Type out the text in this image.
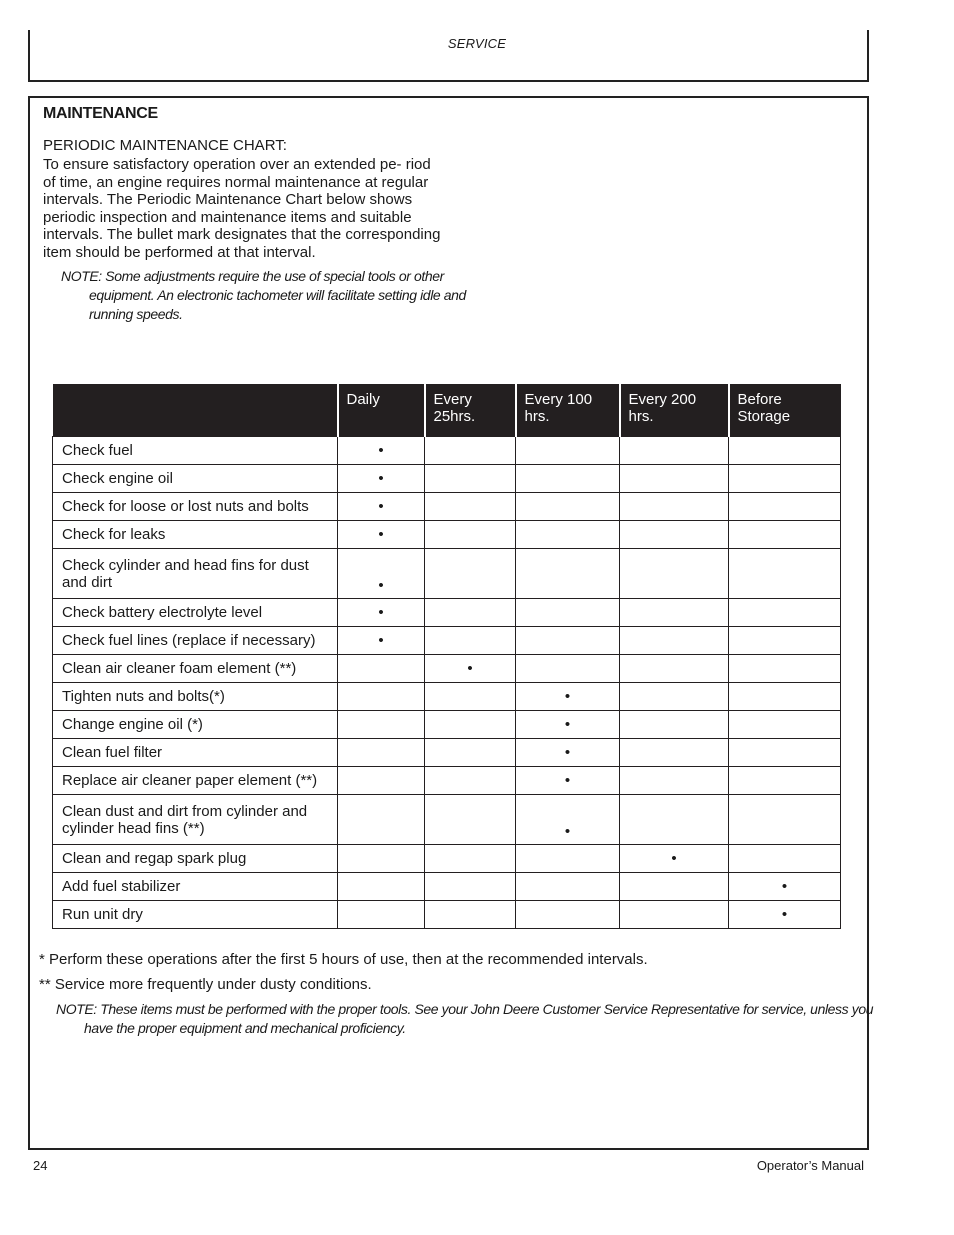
SERVICE
MAINTENANCE
PERIODIC MAINTENANCE CHART:
To ensure satisfactory operation over an extended pe- riod of time, an engine requires normal maintenance at regular intervals. The Periodic Maintenance Chart below shows periodic inspection and maintenance items and suitable intervals. The bullet mark designates that the corresponding item should be performed at that interval.
NOTE: Some adjustments require the use of special tools or other equipment. An electronic tachometer will facilitate setting idle and running speeds.
	Daily	Every 25hrs.	Every 100 hrs.	Every 200 hrs.	Before Storage
Check fuel	•				
Check engine oil	•				
Check for loose or lost nuts and bolts	•				
Check for leaks	•				
Check cylinder and head fins for dust and dirt	•				
Check battery electrolyte level	•				
Check fuel lines (replace if necessary)	•				
Clean air cleaner foam element (**)		•			
Tighten nuts and bolts(*)			•		
Change engine oil (*)			•		
Clean fuel filter			•		
Replace air cleaner paper element (**)			•		
Clean dust and dirt from cylinder and cylinder head fins (**)			•		
Clean and regap spark plug				•	
Add fuel stabilizer					•
Run unit dry					•
* Perform these operations after the first 5 hours of use, then at the recommended intervals.
** Service more frequently under dusty conditions.
NOTE: These items must be performed with the proper tools. See your John Deere Customer Service Representative for service, unless you have the proper equipment and mechanical proficiency.
24	Operator’s Manual
